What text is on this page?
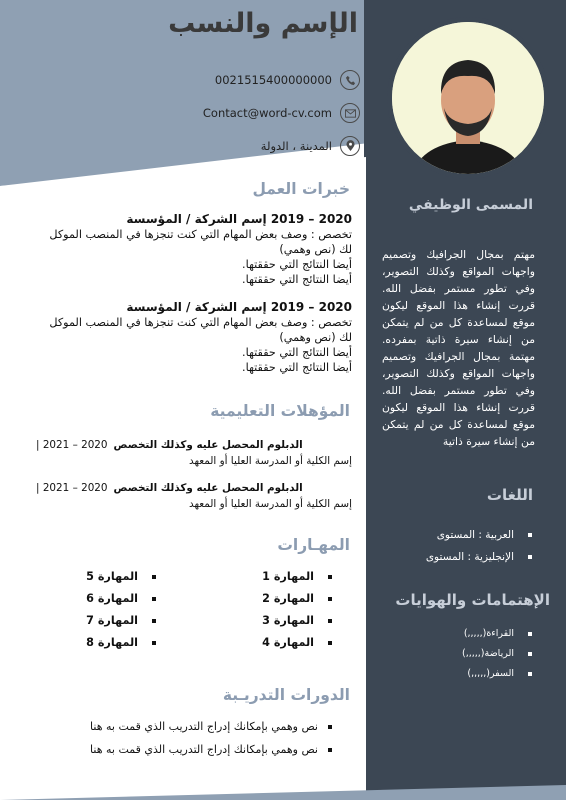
الإسم والنسب
0021515400000000
Contact@word-cv.com
المدينة ، الدولة
المسمى الوظيفي
مهتم بمجال الجرافيك وتصميم واجهات المواقع وكذلك التصوير، وفي تطور مستمر بفضل الله. قررت إنشاء هذا الموقع ليكون موقع لمساعدة كل من لم يتمكن من إنشاء سيرة ذاتية بمفرده. مهتمة بمجال الجرافيك وتصميم واجهات المواقع وكذلك التصوير، وفي تطور مستمر بفضل الله. قررت إنشاء هذا الموقع ليكون موقع لمساعدة كل من لم يتمكن من إنشاء سيرة ذاتية
اللغات
العربية : المستوى
الإنجليزية : المستوى
الإهتمامات والهوايات
القراءة(,,,,,)
الرياضة(,,,,,)
السفر(,,,,,)
خبرات العمل
2020 – 2019 إسم الشركة / المؤسسة
تخصص : وصف بعض المهام التي كنت تنجزها في المنصب الموكل لك (نص وهمي)
أيضا النتائج التي حققتها.
أيضا النتائج التي حققتها.
2020 – 2019 إسم الشركة / المؤسسة
تخصص : وصف بعض المهام التي كنت تنجزها في المنصب الموكل لك (نص وهمي)
أيضا النتائج التي حققتها.
أيضا النتائج التي حققتها.
المؤهلات التعليمية
الدبلوم المحصل عليه وكذلك التخصص
2020 – 2021 |
إسم الكلية أو المدرسة العليا أو المعهد
الدبلوم المحصل عليه وكذلك التخصص
2020 – 2021 |
إسم الكلية أو المدرسة العليا أو المعهد
المهـارات
المهارة 1
المهارة 2
المهارة 3
المهارة 4
المهارة 5
المهارة 6
المهارة 7
المهارة 8
الدورات التدريـبة
نص وهمي بإمكانك إدراج التدريب الذي قمت به هنا
نص وهمي بإمكانك إدراج التدريب الذي قمت به هنا
